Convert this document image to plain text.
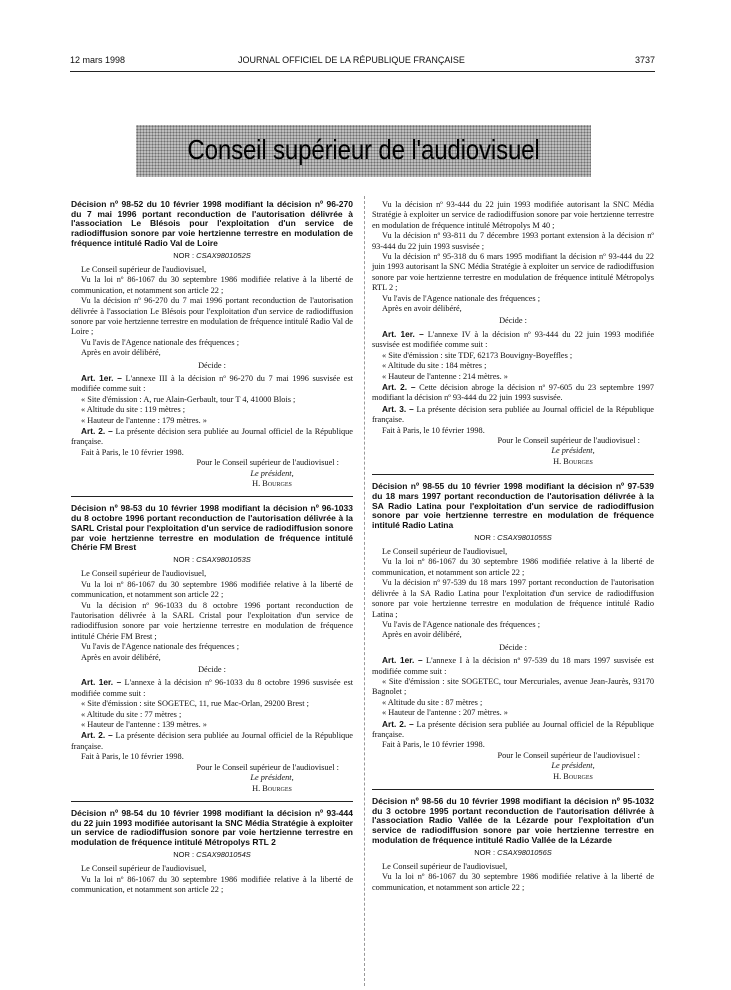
12 mars 1998	JOURNAL OFFICIEL DE LA RÉPUBLIQUE FRANÇAISE	3737
Conseil supérieur de l'audiovisuel
Décision nº 98-52 du 10 février 1998 modifiant la décision nº 96-270 du 7 mai 1996 portant reconduction de l'autorisation délivrée à l'association Le Blésois pour l'exploitation d'un service de radiodiffusion sonore par voie hertzienne terrestre en modulation de fréquence intitulé Radio Val de Loire
NOR : CSAX9801052S

Le Conseil supérieur de l'audiovisuel,

Vu la loi nº 86-1067 du 30 septembre 1986 modifiée relative à la liberté de communication, et notamment son article 22 ;

Vu la décision nº 96-270 du 7 mai 1996 portant reconduction de l'autorisation délivrée à l'association Le Blésois pour l'exploitation d'un service de radiodiffusion sonore par voie hertzienne terrestre en modulation de fréquence intitulé Radio Val de Loire ;

Vu l'avis de l'Agence nationale des fréquences ;

Après en avoir délibéré,

Décide :

Art. 1er. – L'annexe III à la décision nº 96-270 du 7 mai 1996 susvisée est modifiée comme suit :

« Site d'émission : A, rue Alain-Gerbault, tour T 4, 41000 Blois ;

« Altitude du site : 119 mètres ;

« Hauteur de l'antenne : 179 mètres. »

Art. 2. – La présente décision sera publiée au Journal officiel de la République française.

Fait à Paris, le 10 février 1998.

Pour le Conseil supérieur de l'audiovisuel :
Le président,
H. Bourges
Décision nº 98-53 du 10 février 1998 modifiant la décision nº 96-1033 du 8 octobre 1996 portant reconduction de l'autorisation délivrée à la SARL Cristal pour l'exploitation d'un service de radiodiffusion sonore par voie hertzienne terrestre en modulation de fréquence intitulé Chérie FM Brest
NOR : CSAX9801053S

Le Conseil supérieur de l'audiovisuel,

Vu la loi nº 86-1067 du 30 septembre 1986 modifiée relative à la liberté de communication, et notamment son article 22 ;

Vu la décision nº 96-1033 du 8 octobre 1996 portant reconduction de l'autorisation délivrée à la SARL Cristal pour l'exploitation d'un service de radiodiffusion sonore par voie hertzienne terrestre en modulation de fréquence intitulé Chérie FM Brest ;

Vu l'avis de l'Agence nationale des fréquences ;

Après en avoir délibéré,

Décide :

Art. 1er. – L'annexe à la décision nº 96-1033 du 8 octobre 1996 susvisée est modifiée comme suit :

« Site d'émission : site SOGETEC, 11, rue Mac-Orlan, 29200 Brest ;

« Altitude du site : 77 mètres ;

« Hauteur de l'antenne : 139 mètres. »

Art. 2. – La présente décision sera publiée au Journal officiel de la République française.

Fait à Paris, le 10 février 1998.

Pour le Conseil supérieur de l'audiovisuel :
Le président,
H. Bourges
Décision nº 98-54 du 10 février 1998 modifiant la décision nº 93-444 du 22 juin 1993 modifiée autorisant la SNC Média Stratégie à exploiter un service de radiodiffusion sonore par voie hertzienne terrestre en modulation de fréquence intitulé Métropolys RTL 2
NOR : CSAX9801054S

Le Conseil supérieur de l'audiovisuel,

Vu la loi nº 86-1067 du 30 septembre 1986 modifiée relative à la liberté de communication, et notamment son article 22 ;

Vu la décision nº 93-444 du 22 juin 1993 modifiée autorisant la SNC Média Stratégie à exploiter un service de radiodiffusion sonore par voie hertzienne terrestre en modulation de fréquence intitulé Métropolys M 40 ;

Vu la décision nº 93-811 du 7 décembre 1993 portant extension à la décision nº 93-444 du 22 juin 1993 susvisée ;

Vu la décision nº 95-318 du 6 mars 1995 modifiant la décision nº 93-444 du 22 juin 1993 autorisant la SNC Média Stratégie à exploiter un service de radiodiffusion sonore par voie hertzienne terrestre en modulation de fréquence intitulé Métropolys RTL 2 ;

Vu l'avis de l'Agence nationale des fréquences ;

Après en avoir délibéré,

Décide :

Art. 1er. – L'annexe IV à la décision nº 93-444 du 22 juin 1993 modifiée susvisée est modifiée comme suit :

« Site d'émission : site TDF, 62173 Bouvigny-Boyeffles ;

« Altitude du site : 184 mètres ;

« Hauteur de l'antenne : 214 mètres. »

Art. 2. – Cette décision abroge la décision nº 97-605 du 23 septembre 1997 modifiant la décision nº 93-444 du 22 juin 1993 susvisée.

Art. 3. – La présente décision sera publiée au Journal officiel de la République française.

Fait à Paris, le 10 février 1998.

Pour le Conseil supérieur de l'audiovisuel :
Le président,
H. Bourges
Décision nº 98-55 du 10 février 1998 modifiant la décision nº 97-539 du 18 mars 1997 portant reconduction de l'autorisation délivrée à la SA Radio Latina pour l'exploitation d'un service de radiodiffusion sonore par voie hertzienne terrestre en modulation de fréquence intitulé Radio Latina
NOR : CSAX9801055S

Le Conseil supérieur de l'audiovisuel,

Vu la loi nº 86-1067 du 30 septembre 1986 modifiée relative à la liberté de communication, et notamment son article 22 ;

Vu la décision nº 97-539 du 18 mars 1997 portant reconduction de l'autorisation délivrée à la SA Radio Latina pour l'exploitation d'un service de radiodiffusion sonore par voie hertzienne terrestre en modulation de fréquence intitulé Radio Latina ;

Vu l'avis de l'Agence nationale des fréquences ;

Après en avoir délibéré,

Décide :

Art. 1er. – L'annexe I à la décision nº 97-539 du 18 mars 1997 susvisée est modifiée comme suit :

« Site d'émission : site SOGETEC, tour Mercuriales, avenue Jean-Jaurès, 93170 Bagnolet ;

« Altitude du site : 87 mètres ;

« Hauteur de l'antenne : 207 mètres. »

Art. 2. – La présente décision sera publiée au Journal officiel de la République française.

Fait à Paris, le 10 février 1998.

Pour le Conseil supérieur de l'audiovisuel :
Le président,
H. Bourges
Décision nº 98-56 du 10 février 1998 modifiant la décision nº 95-1032 du 3 octobre 1995 portant reconduction de l'autorisation délivrée à l'association Radio Vallée de la Lézarde pour l'exploitation d'un service de radiodiffusion sonore par voie hertzienne terrestre en modulation de fréquence intitulé Radio Vallée de la Lézarde
NOR : CSAX9801056S

Le Conseil supérieur de l'audiovisuel,

Vu la loi nº 86-1067 du 30 septembre 1986 modifiée relative à la liberté de communication, et notamment son article 22 ;
